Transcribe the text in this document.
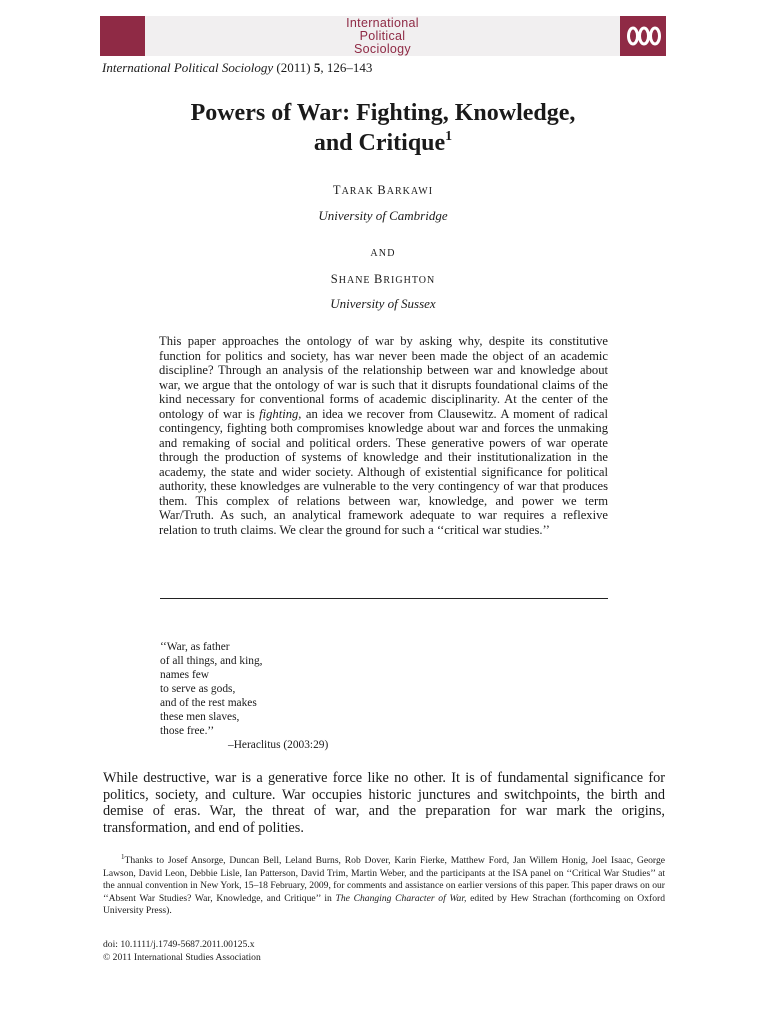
International
Political
Sociology
International Political Sociology (2011) 5, 126–143
Powers of War: Fighting, Knowledge,
and Critique$^1$
TARAK BARKAWI
University of Cambridge
AND
SHANE BRIGHTON
University of Sussex
This paper approaches the ontology of war by asking why, despite its constitutive function for politics and society, has war never been made the object of an academic discipline? Through an analysis of the relationship between war and knowledge about war, we argue that the ontology of war is such that it disrupts foundational claims of the kind necessary for conventional forms of academic disciplinarity. At the center of the ontology of war is fighting, an idea we recover from Clausewitz. A moment of radical contingency, fighting both compromises knowledge about war and forces the unmaking and remaking of social and political orders. These generative powers of war operate through the production of systems of knowledge and their institutionalization in the academy, the state and wider society. Although of existential significance for political authority, these knowledges are vulnerable to the very contingency of war that produces them. This complex of relations between war, knowledge, and power we term War/Truth. As such, an analytical framework adequate to war requires a reflexive relation to truth claims. We clear the ground for such a ‘‘critical war studies.’’
‘‘War, as father
of all things, and king,
names few
to serve as gods,
and of the rest makes
these men slaves,
those free.’’
–Heraclitus (2003:29)
While destructive, war is a generative force like no other. It is of fundamental significance for politics, society, and culture. War occupies historic junctures and switchpoints, the birth and demise of eras. War, the threat of war, and the preparation for war mark the origins, transformation, and end of polities.
$^1$Thanks to Josef Ansorge, Duncan Bell, Leland Burns, Rob Dover, Karin Fierke, Matthew Ford, Jan Willem Honig, Joel Isaac, George Lawson, David Leon, Debbie Lisle, Ian Patterson, David Trim, Martin Weber, and the participants at the ISA panel on ‘‘Critical War Studies’’ at the annual convention in New York, 15–18 February, 2009, for comments and assistance on earlier versions of this paper. This paper draws on our ‘‘Absent War Studies? War, Knowledge, and Critique’’ in The Changing Character of War, edited by Hew Strachan (forthcoming on Oxford University Press).
doi: 10.1111/j.1749-5687.2011.00125.x
© 2011 International Studies Association
